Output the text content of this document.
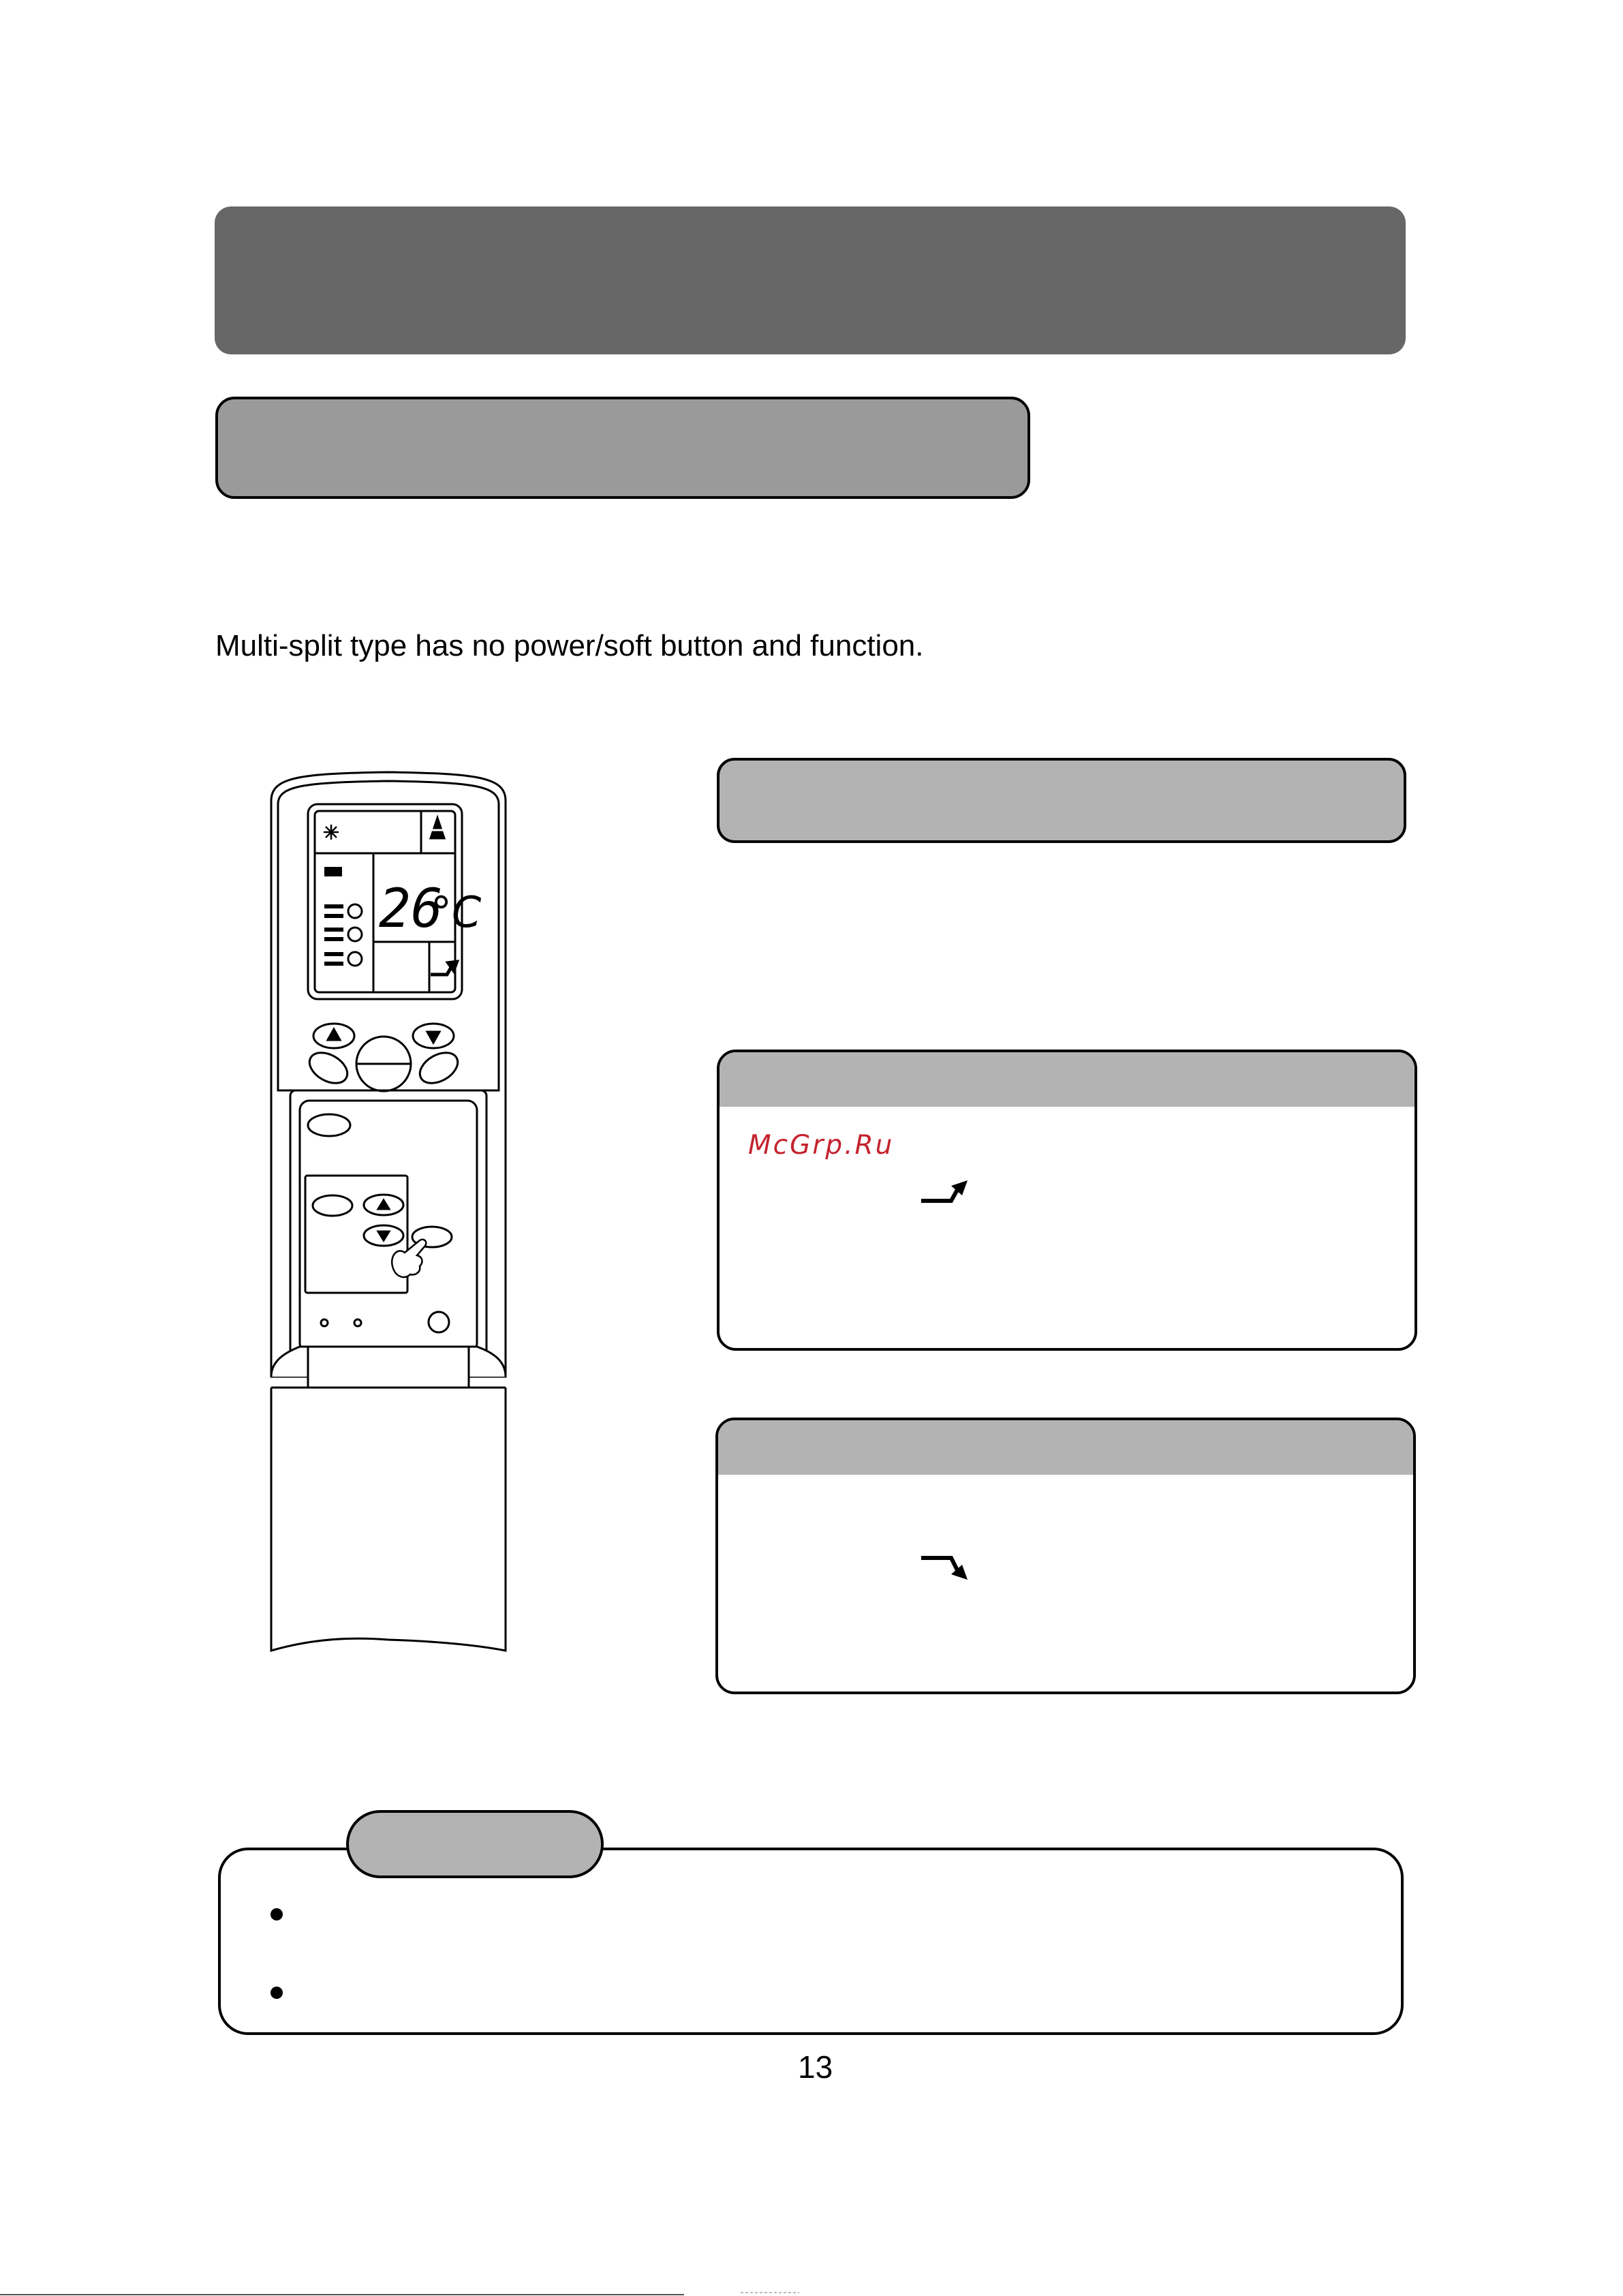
Multi-split type has no power/soft button and function.
26
°C
McGrp.Ru
13
